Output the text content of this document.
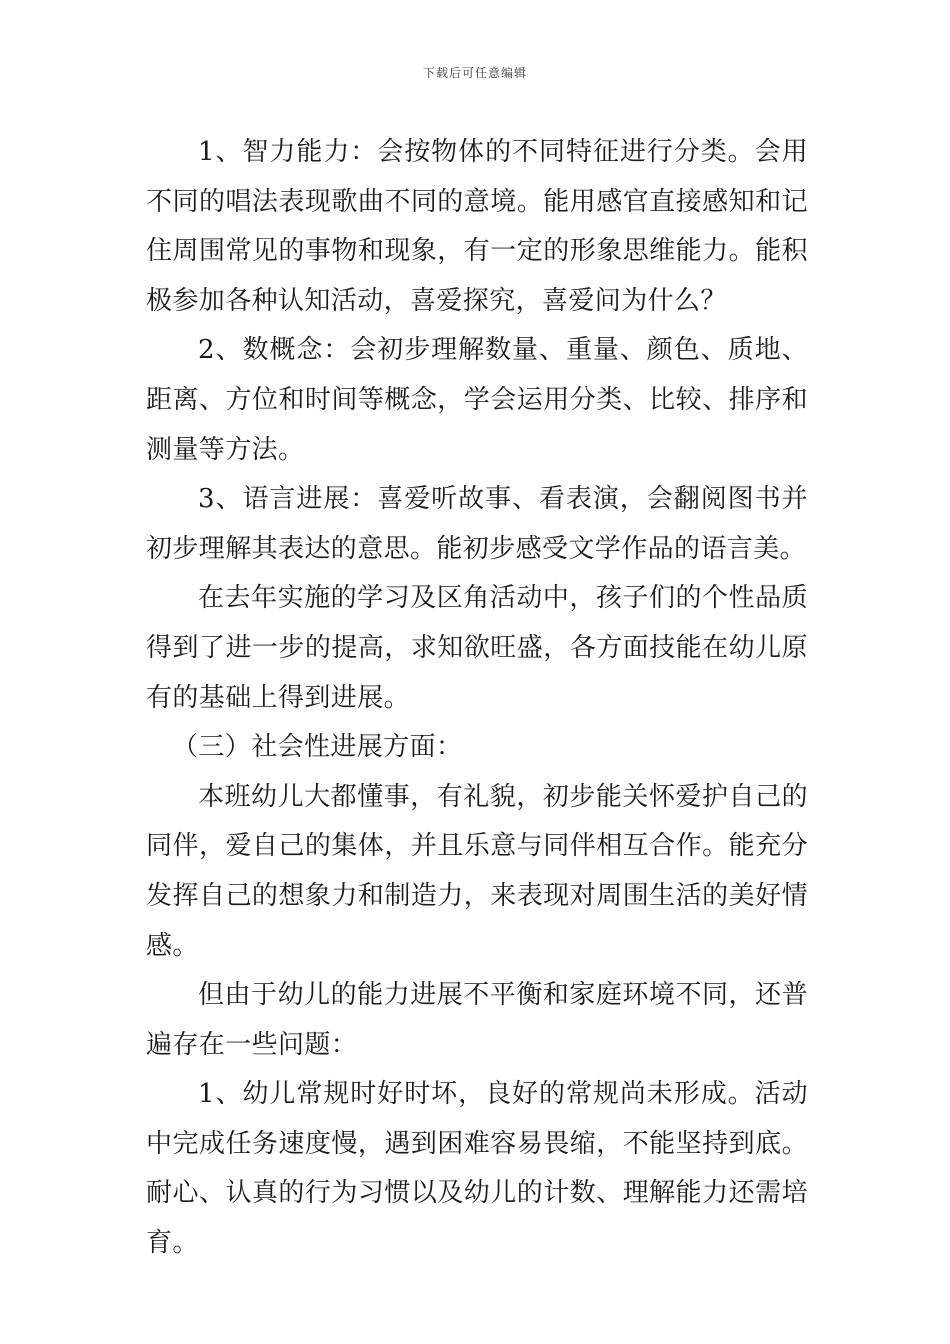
下载后可任意编辑

1、智力能力：会按物体的不同特征进行分类。会用不同的唱法表现歌曲不同的意境。能用感官直接感知和记住周围常见的事物和现象，有一定的形象思维能力。能积极参加各种认知活动，喜爱探究，喜爱问为什么？

2、数概念：会初步理解数量、重量、颜色、质地、距离、方位和时间等概念，学会运用分类、比较、排序和测量等方法。

3、语言进展：喜爱听故事、看表演，会翻阅图书并初步理解其表达的意思。能初步感受文学作品的语言美。

在去年实施的学习及区角活动中，孩子们的个性品质得到了进一步的提高，求知欲旺盛，各方面技能在幼儿原有的基础上得到进展。

（三）社会性进展方面：

本班幼儿大都懂事，有礼貌，初步能关怀爱护自己的同伴，爱自己的集体，并且乐意与同伴相互合作。能充分发挥自己的想象力和制造力，来表现对周围生活的美好情感。

但由于幼儿的能力进展不平衡和家庭环境不同，还普遍存在一些问题：

1、幼儿常规时好时坏，良好的常规尚未形成。活动中完成任务速度慢，遇到困难容易畏缩，不能坚持到底。耐心、认真的行为习惯以及幼儿的计数、理解能力还需培育。
